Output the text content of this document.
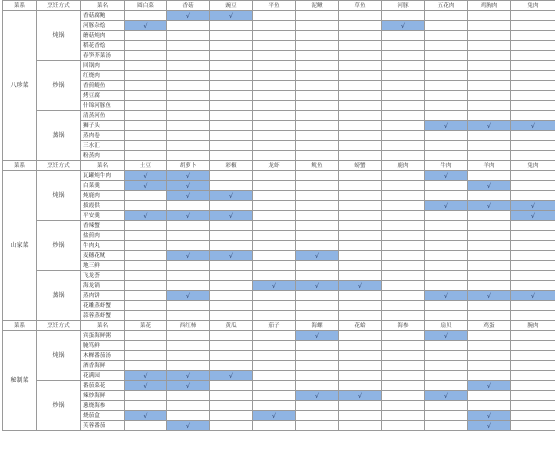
菜系	烹饪方式	菜名	圆白菜	香菇	豌豆	平鱼	泥鳅	草鱼	河豚	五花肉	鸡胸肉	兔肉
八珍菜	炖锅	香菇腐鲍		√	√							
		河豚杂烩	√						√			
		蘑菇炖肉										
		稻花香烩										
		春笋芥菜汤										
	炒锅	回锅肉										
		红烧肉										
		香煎鳀鱼										
		烤豆腐										
		什锦河豚鱼										
	蒸锅	清蒸河鱼										
		狮子头								√	√	√
		蒸肉卷										
		三水汇										
		粉蒸肉										
菜系	烹饪方式	菜名	土豆	胡萝卜	彩椒	龙虾	鱿鱼	螃蟹	鹿肉	牛肉	羊肉	兔肉
山家菜	炖锅	瓦罐炖牛肉	√	√						√		
		白菜羹	√	√							√	
		炖鹿肉		√	√							
		拔霞供								√	√	√
		平安羹	√	√	√							√
	炒锅	香辣蟹										
		盐煎肉										
		牛肉丸										
		麦穗花鱿		√	√		√					
		地三鲜										
	蒸锅	飞龙荟										
		海龙锅				√	√	√				
		蒸肉饼		√						√	√	√
		花雕蒸虾蟹										
		蒜蓉蒸虾蟹										
菜系	烹饪方式	菜名	菜花	西红柿	黄瓜	茄子	海螺	花蛤	海参	扇贝	鸡蛋	腕肉
秘制菜	炖锅	宾蛋海鲜粥					√			√		
		腌笃鲜										
		木樨番茄汤										
		酒香海鲜										
		花满园	√	√	√							
	炒锅	番茄菜花	√	√							√	
		辣炒海鲜					√	√		√		
		葱烧海参										
		烧茄盒	√			√					√	
		芙蓉番茄		√							√	
